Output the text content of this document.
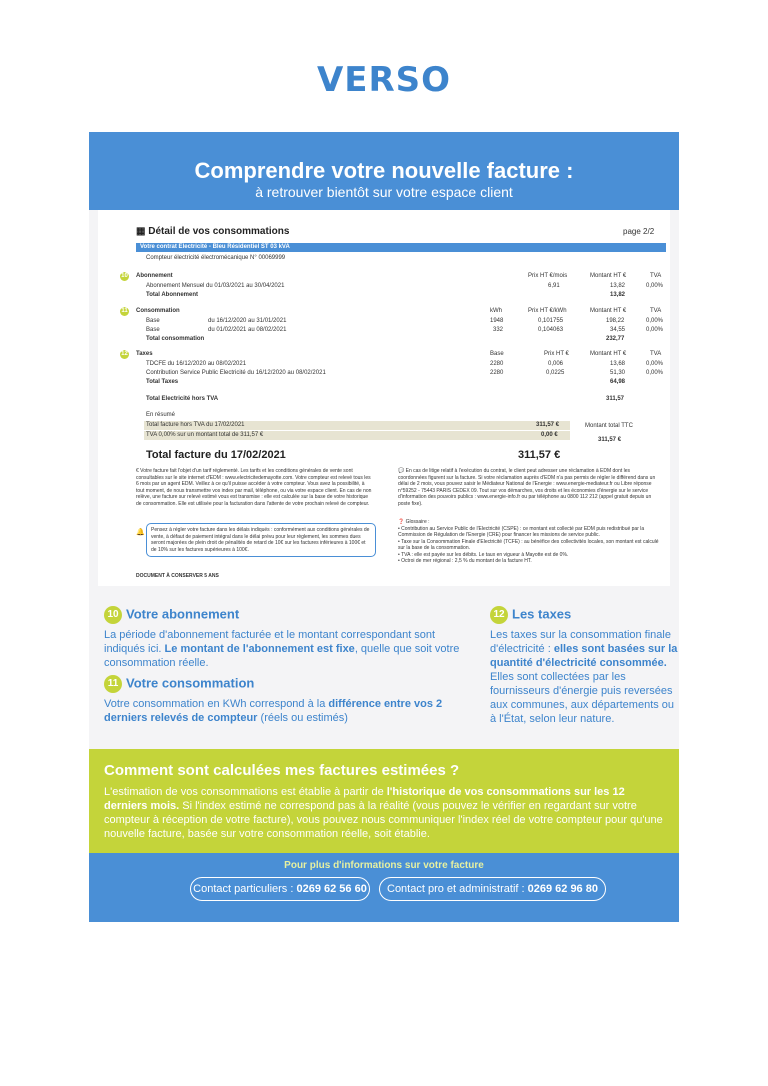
VERSO
Comprendre votre nouvelle facture :
à retrouver bientôt sur votre espace client
▦ Détail de vos consommations	page 2/2
Votre contrat Electricité - Bleu Résidentiel ST 03 kVA
Compteur électricité électromécanique N° 00069999
10 Abonnement	Prix HT €/mois	Montant HT €	TVA
Abonnement Mensuel du 01/03/2021 au 30/04/2021	6,91	13,82	0,00%
Total Abonnement	13,82
11 Consommation	kWh	Prix HT €/kWh	Montant HT €	TVA
Base	du 16/12/2020 au 31/01/2021	1948	0,101755	198,22	0,00%
Base	du 01/02/2021 au 08/02/2021	332	0,104063	34,55	0,00%
Total consommation	232,77
12 Taxes	Base	Prix HT €	Montant HT €	TVA
TDCFE du 16/12/2020 au 08/02/2021	2280	0,006	13,68	0,00%
Contribution Service Public Electricité du 16/12/2020 au 08/02/2021	2280	0,0225	51,30	0,00%
Total Taxes	64,98
Total Electricité hors TVA	311,57
En résumé
Total facture hors TVA du 17/02/2021	311,57 €
TVA 0,00% sur un montant total de 311,57 €	0,00 €
Montant total TTC
311,57 €
Total facture du 17/02/2021	311,57 €
€ Votre facture fait l'objet d'un tarif réglementé. Les tarifs et les conditions générales de vente sont consultables sur le site internet d'EDM : www.electricitedemayotte.com. Votre compteur est relevé tous les 6 mois par un agent EDM. Veillez à ce qu'il puisse accéder à votre compteur. Vous avez la possibilité, à tout moment, de nous transmettre vos index par mail, téléphone, ou via votre espace client. En cas de non relève, une facture sur relevé estimé vous est transmise : elle est calculée sur la base de votre historique de consommation. Elle est utilisée pour la facturation dans l'attente de votre prochain relevé de compteur.
🔔	Pensez à régler votre facture dans les délais indiqués : conformément aux conditions générales de vente, à défaut de paiement intégral dans le délai prévu pour leur règlement, les sommes dues seront majorées de plein droit de pénalités de retard de 10€ sur les factures inférieures à 100€ et de 10% sur les factures supérieures à 100€.
DOCUMENT À CONSERVER 5 ANS
💬 En cas de litige relatif à l'exécution du contrat, le client peut adresser une réclamation à EDM dont les coordonnées figurent sur la facture. Si votre réclamation auprès d'EDM n'a pas permis de régler le différend dans un délai de 2 mois, vous pouvez saisir le Médiateur National de l'Energie : www.energie-mediateur.fr ou Libre réponse n°59252 - 75443 PARIS CEDEX 09. Tout sur vos démarches, vos droits et les économies d'énergie sur le service d'information des pouvoirs publics : www.energie-info.fr ou par téléphone au 0800 112 212 (appel gratuit depuis un poste fixe).
❓ Glossaire :
• Contribution au Service Public de l'Electricité (CSPE) : ce montant est collecté par EDM puis redistribué par la Commission de Régulation de l'Energie (CRE) pour financer les missions de service public.
• Taxe sur la Consommation Finale d'Electricité (TCFE) : au bénéfice des collectivités locales, son montant est calculé sur la base de la consommation.
• TVA : elle est payée sur les débits. Le taux en vigueur à Mayotte est de 0%.
• Octroi de mer régional : 2,5 % du montant de la facture HT.
10 Votre abonnement
La période d'abonnement facturée et le montant correspondant sont indiqués ici. Le montant de l'abonnement est fixe, quelle que soit votre consommation réelle.
11 Votre consommation
Votre consommation en KWh correspond à la différence entre vos 2 derniers relevés de compteur (réels ou estimés)
12 Les taxes
Les taxes sur la consommation finale d'électricité : elles sont basées sur la quantité d'électricité consommée. Elles sont collectées par les fournisseurs d'énergie puis reversées aux communes, aux départements ou à l'État, selon leur nature.
Comment sont calculées mes factures estimées ?
L'estimation de vos consommations est établie à partir de l'historique de vos consommations sur les 12 derniers mois. Si l'index estimé ne correspond pas à la réalité (vous pouvez le vérifier en regardant sur votre compteur à réception de votre facture), vous pouvez nous communiquer l'index réel de votre compteur pour qu'une nouvelle facture, basée sur votre consommation réelle, soit établie.
Pour plus d'informations sur votre facture
Contact particuliers : 0269 62 56 60	Contact pro et administratif : 0269 62 96 80
